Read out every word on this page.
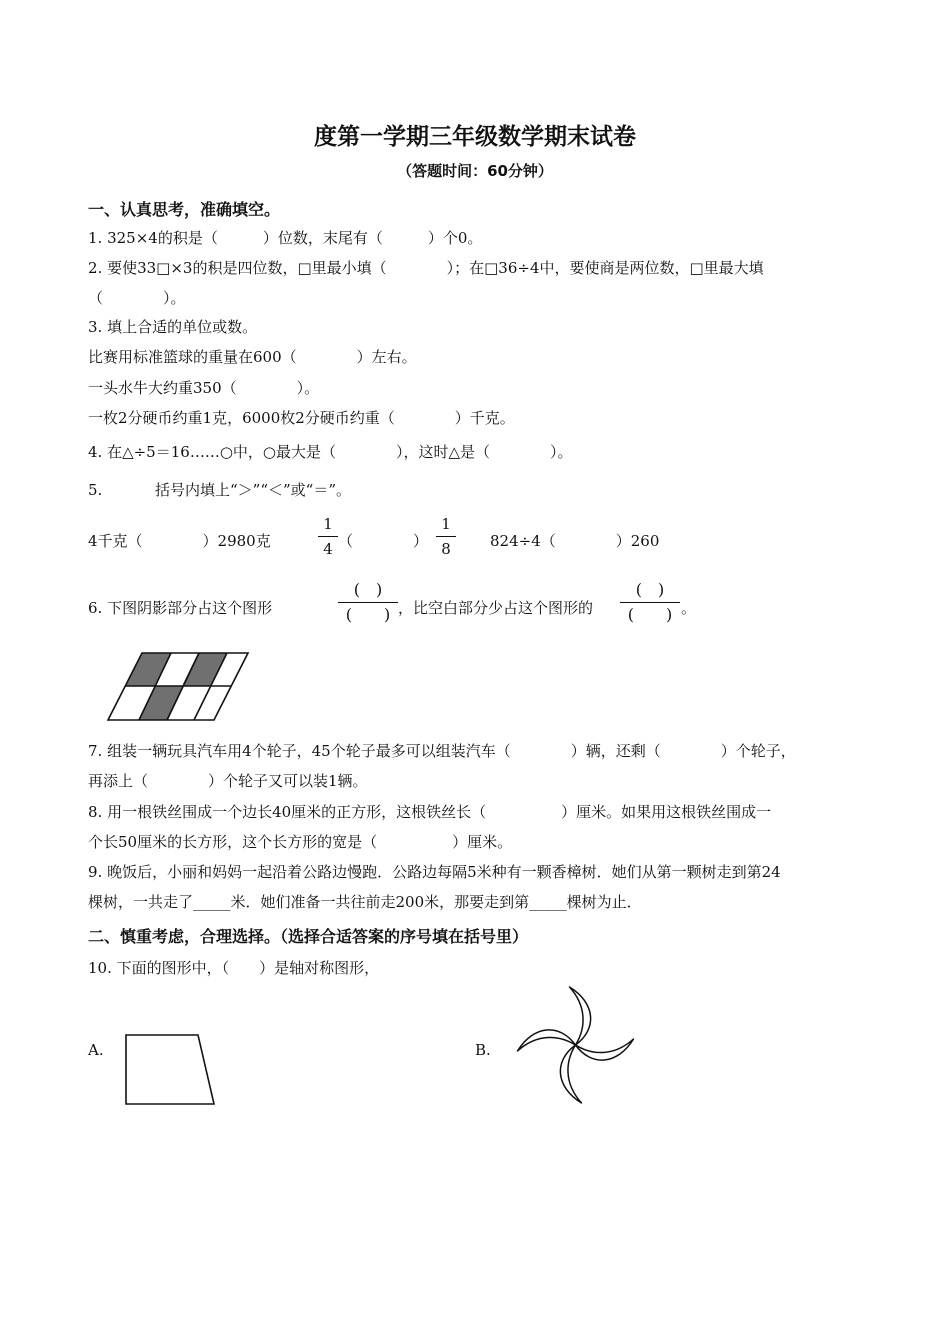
度第一学期三年级数学期末试卷
（答题时间：60分钟）
一、认真思考，准确填空。
1. 325×4的积是（　　　）位数，末尾有（　　　）个0。
2. 要使33□×3的积是四位数，□里最小填（　　　　）；在□36÷4中，要使商是两位数，□里最大填
（　　　　）。
3. 填上合适的单位或数。
比赛用标准篮球的重量在600（　　　　）左右。
一头水牛大约重350（　　　　）。
一枚2分硬币约重1克，6000枚2分硬币约重（　　　　）千克。
4. 在△÷5＝16……○中，○最大是（　　　　），这时△是（　　　　）。
5.	括号内填上“＞”“＜”或“＝”。
4千克（　　　　）2980克
1
4 （　　　　）
1
8	824÷4（　　　　）260
6. 下图阴影部分占这个图形
(　)
(　　) ，比空白部分少占这个图形的
(　)
(　　) 。
7. 组装一辆玩具汽车用4个轮子，45个轮子最多可以组装汽车（　　　　）辆，还剩（　　　　）个轮子，
再添上（　　　　）个轮子又可以装1辆。
8. 用一根铁丝围成一个边长40厘米的正方形，这根铁丝长（　　　　　）厘米。如果用这根铁丝围成一
个长50厘米的长方形，这个长方形的宽是（　　　　　）厘米。
9. 晚饭后，小丽和妈妈一起沿着公路边慢跑．公路边每隔5米种有一颗香樟树．她们从第一颗树走到第24
棵树，一共走了_____米．她们准备一共往前走200米，那要走到第_____棵树为止．
二、慎重考虑，合理选择。（选择合适答案的序号填在括号里）
10. 下面的图形中，（　　）是轴对称图形，
A.	B.
